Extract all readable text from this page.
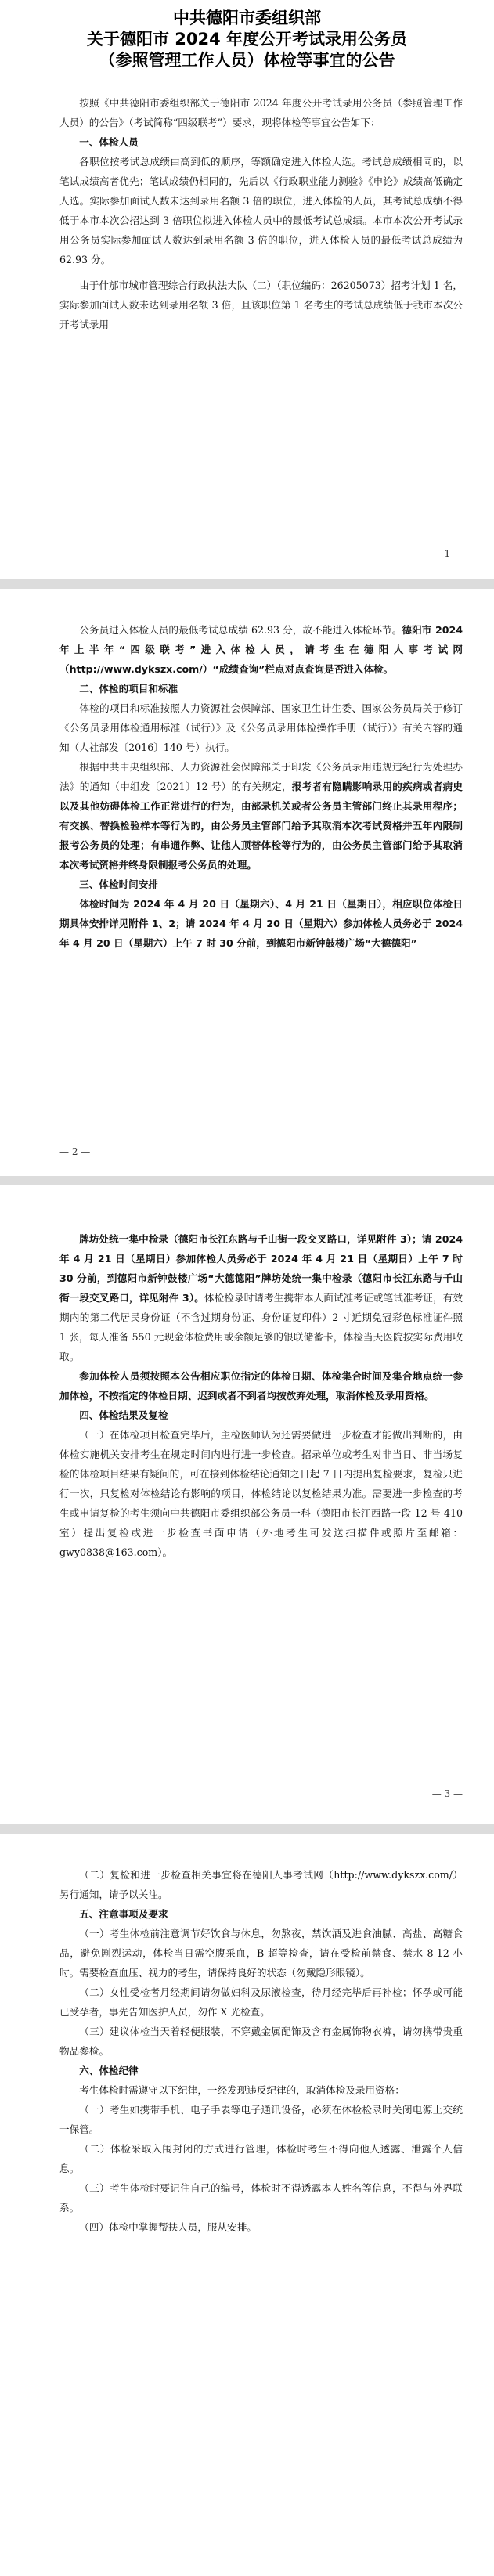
中共德阳市委组织部
关于德阳市 2024 年度公开考试录用公务员
（参照管理工作人员）体检等事宜的公告

按照《中共德阳市委组织部关于德阳市 2024 年度公开考试录用公务员（参照管理工作人员）的公告》（考试简称“四级联考”）要求，现将体检等事宜公告如下：

一、体检人员

各职位按考试总成绩由高到低的顺序，等额确定进入体检人选。考试总成绩相同的，以笔试成绩高者优先；笔试成绩仍相同的，先后以《行政职业能力测验》《申论》成绩高低确定人选。实际参加面试人数未达到录用名额 3 倍的职位，进入体检的人员，其考试总成绩不得低于本市本次公招达到 3 倍职位拟进入体检人员中的最低考试总成绩。本市本次公开考试录用公务员实际参加面试人数达到录用名额 3 倍的职位，进入体检人员的最低考试总成绩为 62.93 分。

由于什邡市城市管理综合行政执法大队（二）（职位编码：26205073）招考计划 1 名，实际参加面试人数未达到录用名额 3 倍，且该职位第 1 名考生的考试总成绩低于我市本次公开考试录用

— 1 —

公务员进入体检人员的最低考试总成绩 62.93 分，故不能进入体检环节。德阳市 2024 年上半年“四级联考”进入体检人员，请考生在德阳人事考试网（http://www.dykszx.com/）“成绩查询”栏点对点查询是否进入体检。

二、体检的项目和标准

体检的项目和标准按照人力资源社会保障部、国家卫生计生委、国家公务员局关于修订《公务员录用体检通用标准（试行）》及《公务员录用体检操作手册（试行）》有关内容的通知（人社部发〔2016〕140 号）执行。

根据中共中央组织部、人力资源社会保障部关于印发《公务员录用违规违纪行为处理办法》的通知（中组发〔2021〕12 号）的有关规定，报考者有隐瞒影响录用的疾病或者病史以及其他妨碍体检工作正常进行的行为，由部录机关或者公务员主管部门终止其录用程序；有交换、替换检验样本等行为的，由公务员主管部门给予其取消本次考试资格并五年内限制报考公务员的处理；有串通作弊、让他人顶替体检等行为的，由公务员主管部门给予其取消本次考试资格并终身限制报考公务员的处理。

三、体检时间安排

体检时间为 2024 年 4 月 20 日（星期六）、4 月 21 日（星期日），相应职位体检日期具体安排详见附件 1、2；请 2024 年 4 月 20 日（星期六）参加体检人员务必于 2024 年 4 月 20 日（星期六）上午 7 时 30 分前，到德阳市新钟鼓楼广场“大德德阳”

— 2 —

牌坊处统一集中检录（德阳市长江东路与千山街一段交叉路口，详见附件 3）；请 2024 年 4 月 21 日（星期日）参加体检人员务必于 2024 年 4 月 21 日（星期日）上午 7 时 30 分前，到德阳市新钟鼓楼广场“大德德阳”牌坊处统一集中检录（德阳市长江东路与千山街一段交叉路口，详见附件 3）。体检检录时请考生携带本人面试准考证或笔试准考证，有效期内的第二代居民身份证（不含过期身份证、身份证复印件）2 寸近期免冠彩色标准证件照 1 张，每人准备 550 元现金体检费用或余额足够的银联储蓄卡，体检当天医院按实际费用收取。

参加体检人员须按照本公告相应职位指定的体检日期、体检集合时间及集合地点统一参加体检，不按指定的体检日期、迟到或者不到者均按放弃处理，取消体检及录用资格。

四、体检结果及复检

（一）在体检项目检查完毕后，主检医师认为还需要做进一步检查才能做出判断的，由体检实施机关安排考生在规定时间内进行进一步检查。招录单位或考生对非当日、非当场复检的体检项目结果有疑问的，可在接到体检结论通知之日起 7 日内提出复检要求，复检只进行一次，只复检对体检结论有影响的项目，体检结论以复检结果为准。需要进一步检查的考生或申请复检的考生须向中共德阳市委组织部公务员一科（德阳市长江西路一段 12 号 410 室）提出复检或进一步检查书面申请（外地考生可发送扫描件或照片至邮箱：gwy0838@163.com）。

— 3 —

（二）复检和进一步检查相关事宜将在德阳人事考试网（http://www.dykszx.com/）另行通知，请予以关注。

五、注意事项及要求

（一）考生体检前注意调节好饮食与休息，勿熬夜，禁饮酒及进食油腻、高盐、高糖食品，避免剧烈运动，体检当日需空腹采血，B 超等检查，请在受检前禁食、禁水 8-12 小时。需要检查血压、视力的考生，请保持良好的状态（勿戴隐形眼镜）。

（二）女性受检者月经期间请勿做妇科及尿液检查，待月经完毕后再补检；怀孕或可能已受孕者，事先告知医护人员，勿作 X 光检查。

（三）建议体检当天着轻便服装，不穿戴金属配饰及含有金属饰物衣裤，请勿携带贵重物品参检。

六、体检纪律

考生体检时需遵守以下纪律，一经发现违反纪律的，取消体检及录用资格：

（一）考生如携带手机、电子手表等电子通讯设备，必须在体检检录时关闭电源上交统一保管。

（二）体检采取入闱封闭的方式进行管理，体检时考生不得向他人透露、泄露个人信息。

（三）考生体检时要记住自己的编号，体检时不得透露本人姓名等信息，不得与外界联系。

（四）体检中掌握帮扶人员，服从安排。
